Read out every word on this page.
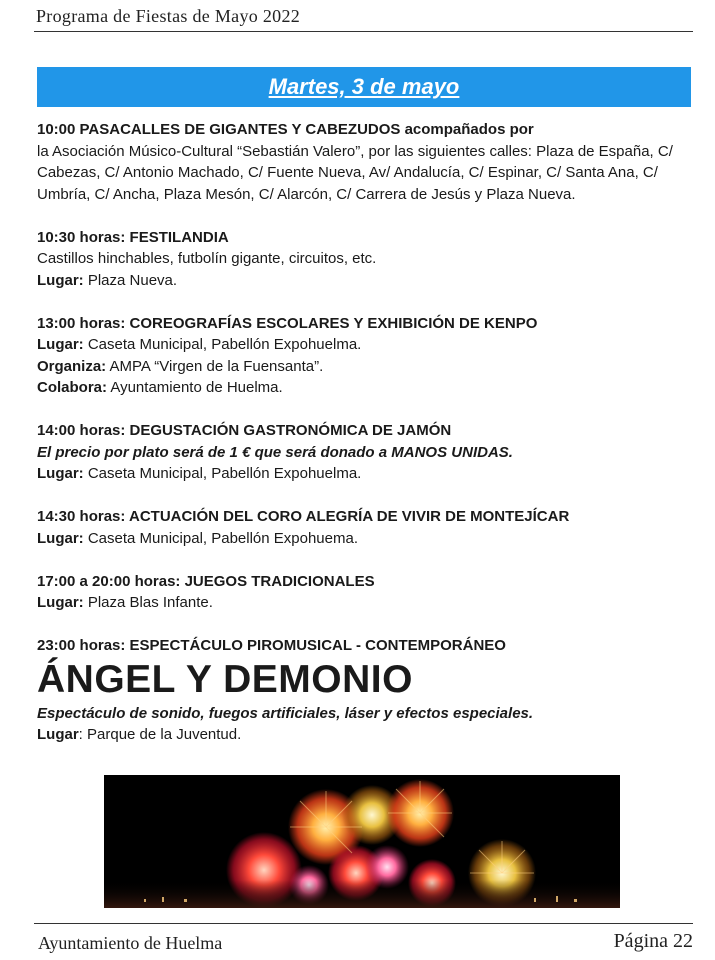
Programa de Fiestas de Mayo 2022
Martes, 3 de mayo

10:00 PASACALLES DE GIGANTES Y CABEZUDOS acompañados por

la Asociación Músico-Cultural “Sebastián Valero”, por las siguientes calles: Plaza de España, C/ Cabezas, C/ Antonio Machado, C/ Fuente Nueva, Av/ Andalucía, C/ Espinar, C/ Santa Ana, C/ Umbría, C/ Ancha, Plaza Mesón, C/ Alarcón, C/ Carrera de Jesús y Plaza Nueva.

10:30 horas: FESTILANDIA

Castillos hinchables, futbolín gigante, circuitos, etc.

Lugar: Plaza Nueva.

13:00 horas: COREOGRAFÍAS ESCOLARES Y EXHIBICIÓN DE KENPO

Lugar: Caseta Municipal, Pabellón Expohuelma.

Organiza: AMPA “Virgen de la Fuensanta”.

Colabora: Ayuntamiento de Huelma.

14:00 horas: DEGUSTACIÓN GASTRONÓMICA DE JAMÓN

El precio por plato será de 1 € que será donado a MANOS UNIDAS.

Lugar: Caseta Municipal, Pabellón Expohuelma.

14:30 horas: ACTUACIÓN DEL CORO ALEGRÍA DE VIVIR DE MONTEJÍCAR

Lugar: Caseta Municipal, Pabellón Expohuema.

17:00 a 20:00 horas: JUEGOS TRADICIONALES

Lugar: Plaza Blas Infante.

23:00 horas: ESPECTÁCULO PIROMUSICAL - CONTEMPORÁNEO

ÁNGEL Y DEMONIO

Espectáculo de sonido, fuegos artificiales, láser y efectos especiales.

Lugar: Parque de la Juventud.

Ayuntamiento de Huelma	Página 22
